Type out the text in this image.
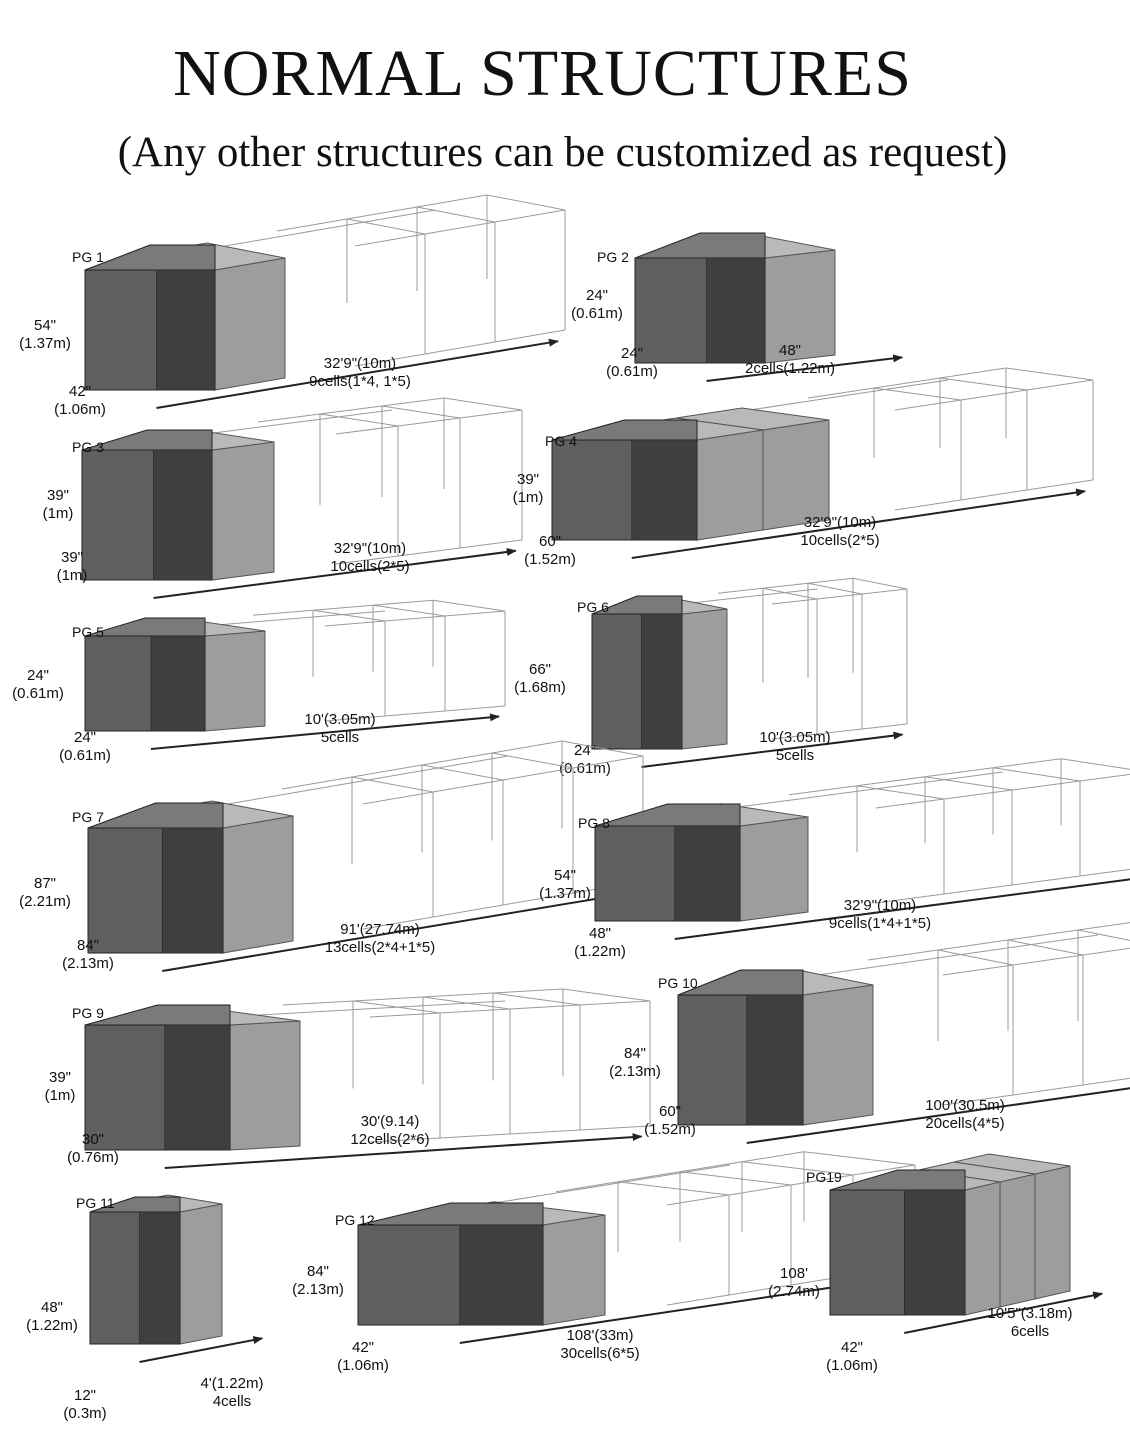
NORMAL STRUCTURES
(Any other structures can be customized as request)
PG 1
54"
(1.37m)
42"
(1.06m)
32'9"(10m)
9cells(1*4, 1*5)
PG 2
24"
(0.61m)
24"
(0.61m)
48"
2cells(1.22m)
PG 3
39"
(1m)
39"
(1m)
32'9"(10m)
10cells(2*5)
PG 4
39"
(1m)
60"
(1.52m)
32'9"(10m)
10cells(2*5)
PG 5
24"
(0.61m)
24"
(0.61m)
10'(3.05m)
5cells
PG 6
66"
(1.68m)
24"
(0.61m)
10'(3.05m)
5cells
PG 7
87"
(2.21m)
84"
(2.13m)
91'(27.74m)
13cells(2*4+1*5)
PG 8
54"
(1.37m)
48"
(1.22m)
32'9"(10m)
9cells(1*4+1*5)
PG 9
39"
(1m)
30"
(0.76m)
30'(9.14)
12cells(2*6)
PG 10
84"
(2.13m)
60"
(1.52m)
100'(30.5m)
20cells(4*5)
PG 11
48"
(1.22m)
12"
(0.3m)
4'(1.22m)
4cells
PG 12
84"
(2.13m)
42"
(1.06m)
108'(33m)
30cells(6*5)
PG19
108'
(2.74m)
42"
(1.06m)
10'5"(3.18m)
6cells
